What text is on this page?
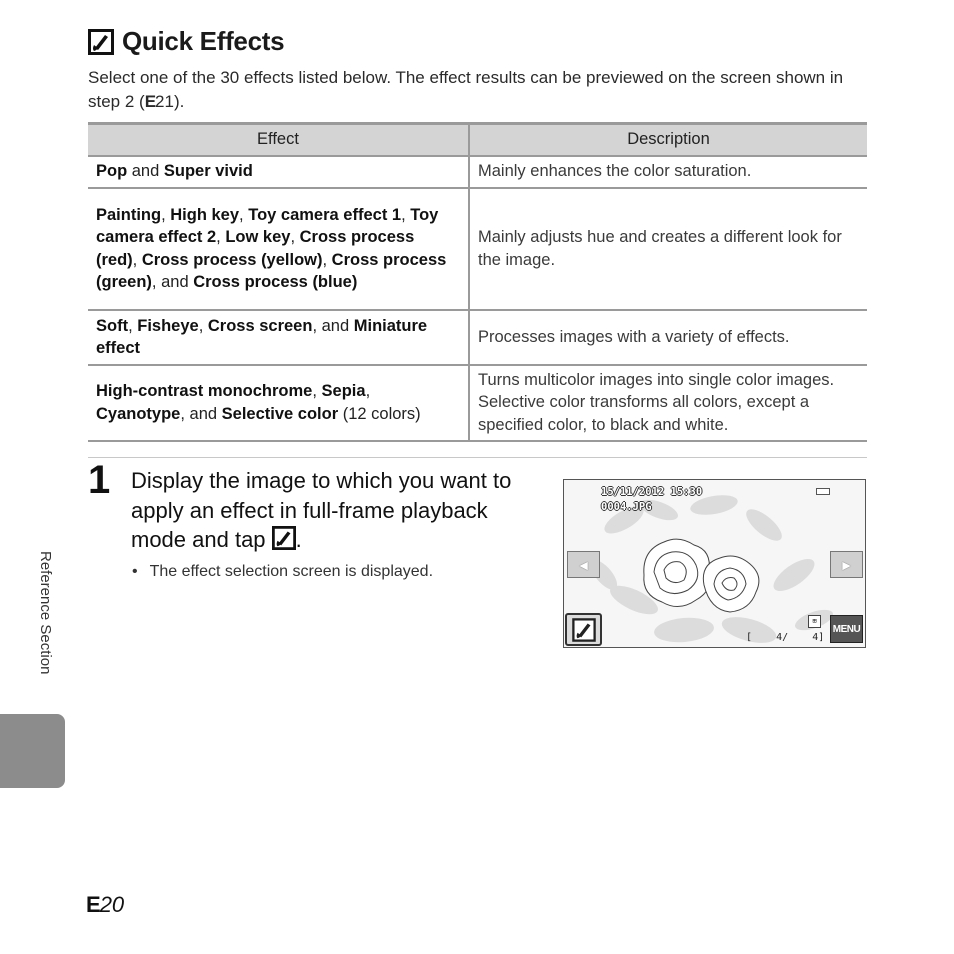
Quick Effects
Select one of the 30 effects listed below. The effect results can be previewed on the screen shown in step 2 (E21).
Effect	Description
Pop and Super vivid	Mainly enhances the color saturation.
Painting, High key, Toy camera effect 1, Toy camera effect 2, Low key, Cross process (red), Cross process (yellow), Cross process (green), and Cross process (blue)	Mainly adjusts hue and creates a different look for the image.
Soft, Fisheye, Cross screen, and Miniature effect	Processes images with a variety of effects.
High-contrast monochrome, Sepia, Cyanotype, and Selective color (12 colors)	Turns multicolor images into single color images. Selective color transforms all colors, except a specified color, to black and white.
1 Display the image to which you want to apply an effect in full-frame playback mode and tap .
• The effect selection screen is displayed.
15/11/2012 15:30
0004.JPG
◄	►
⊞
MENU
[    4/    4]
Reference Section
E20
